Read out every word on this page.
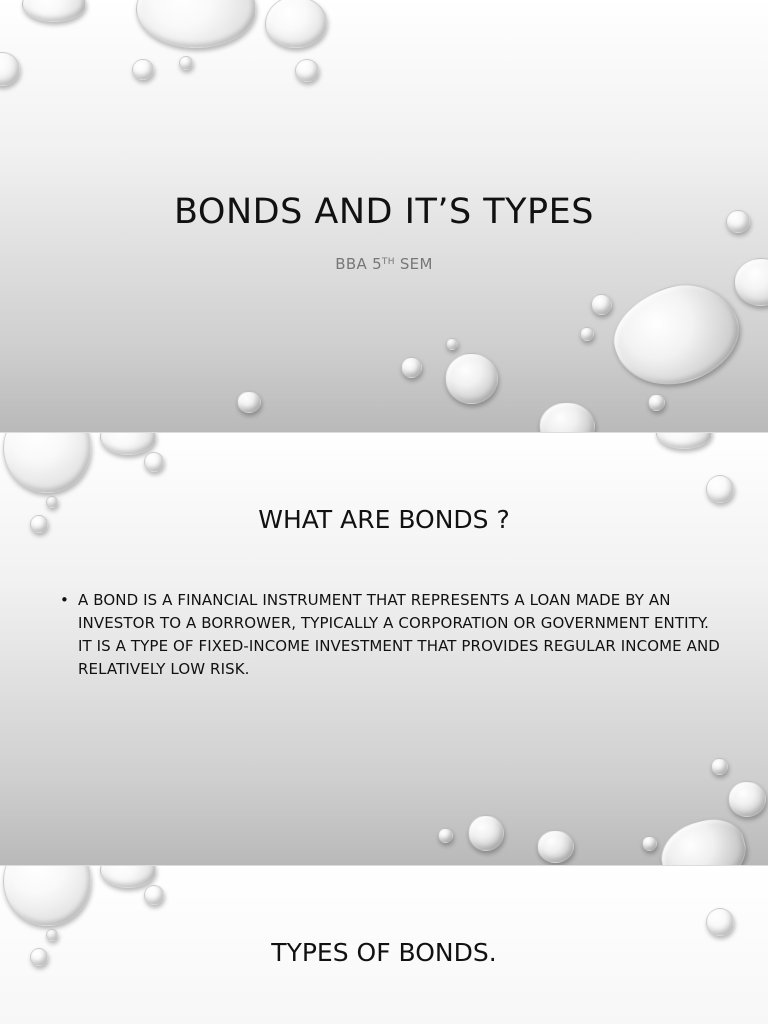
BONDS AND IT’S TYPES
BBA 5TH SEM
WHAT ARE BONDS ?
• A BOND IS A FINANCIAL INSTRUMENT THAT REPRESENTS A LOAN MADE BY AN INVESTOR TO A BORROWER, TYPICALLY A CORPORATION OR GOVERNMENT ENTITY. IT IS A TYPE OF FIXED-INCOME INVESTMENT THAT PROVIDES REGULAR INCOME AND RELATIVELY LOW RISK.
TYPES OF BONDS.
